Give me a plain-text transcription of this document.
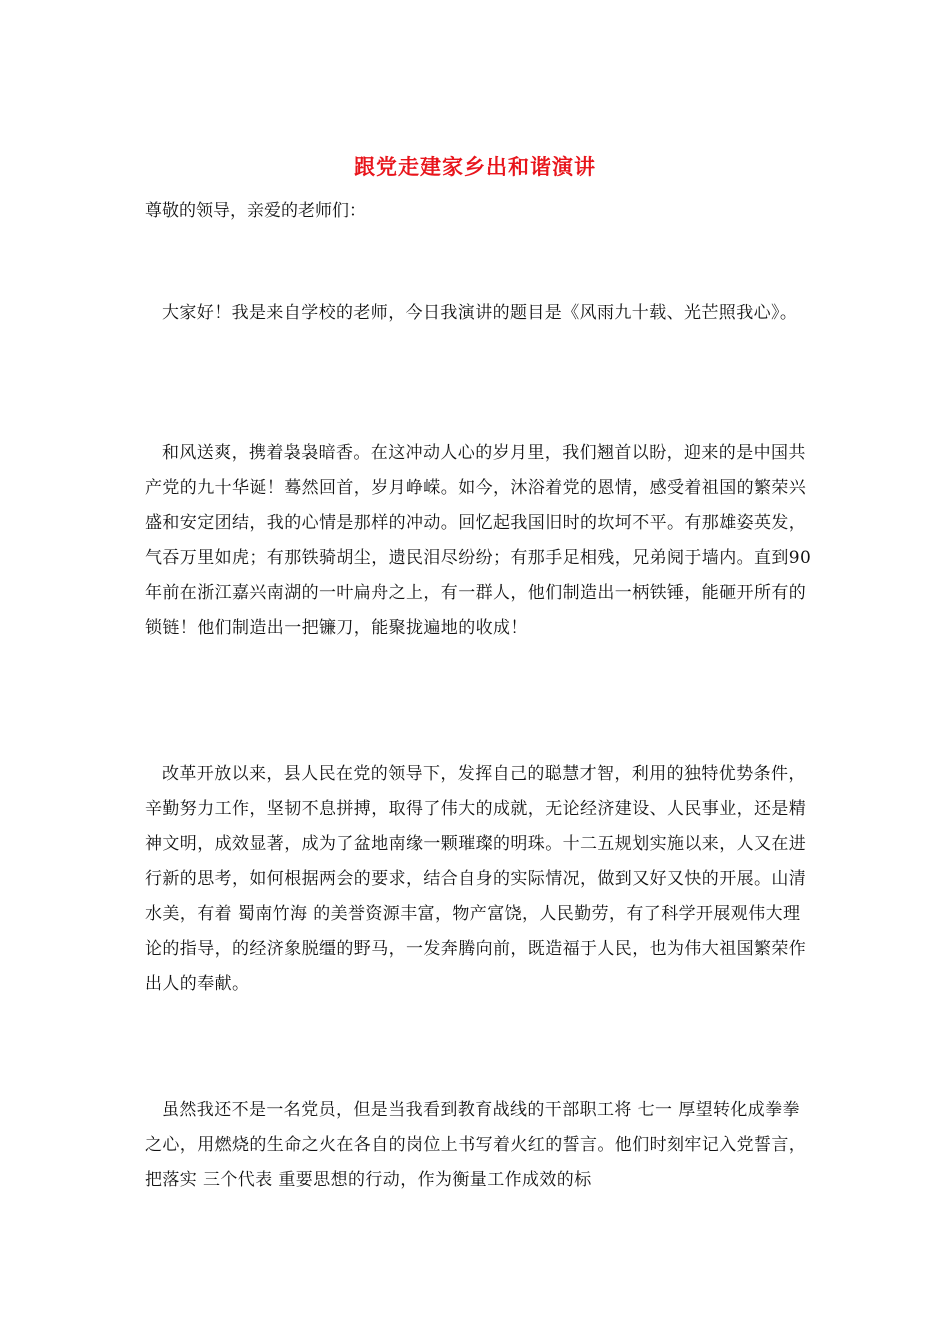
跟党走建家乡出和谐演讲

尊敬的领导，亲爱的老师们：

大家好！我是来自学校的老师，今日我演讲的题目是《风雨九十载、光芒照我心》。

和风送爽，携着袅袅暗香。在这冲动人心的岁月里，我们翘首以盼，迎来的是中国共产党的九十华诞！蓦然回首，岁月峥嵘。如今，沐浴着党的恩情，感受着祖国的繁荣兴盛和安定团结，我的心情是那样的冲动。回忆起我国旧时的坎坷不平。有那雄姿英发，气吞万里如虎；有那铁骑胡尘，遗民泪尽纷纷；有那手足相残，兄弟阋于墙内。直到90年前在浙江嘉兴南湖的一叶扁舟之上，有一群人，他们制造出一柄铁锤，能砸开所有的锁链！他们制造出一把镰刀，能聚拢遍地的收成！

改革开放以来，县人民在党的领导下，发挥自己的聪慧才智，利用的独特优势条件，辛勤努力工作，坚韧不息拼搏，取得了伟大的成就，无论经济建设、人民事业，还是精神文明，成效显著，成为了盆地南缘一颗璀璨的明珠。十二五规划实施以来，人又在进行新的思考，如何根据两会的要求，结合自身的实际情况，做到又好又快的开展。山清水美，有着 蜀南竹海 的美誉资源丰富，物产富饶，人民勤劳，有了科学开展观伟大理论的指导，的经济象脱缰的野马，一发奔腾向前，既造福于人民，也为伟大祖国繁荣作出人的奉献。

虽然我还不是一名党员，但是当我看到教育战线的干部职工将 七一 厚望转化成拳拳之心，用燃烧的生命之火在各自的岗位上书写着火红的誓言。他们时刻牢记入党誓言，把落实 三个代表 重要思想的行动，作为衡量工作成效的标
